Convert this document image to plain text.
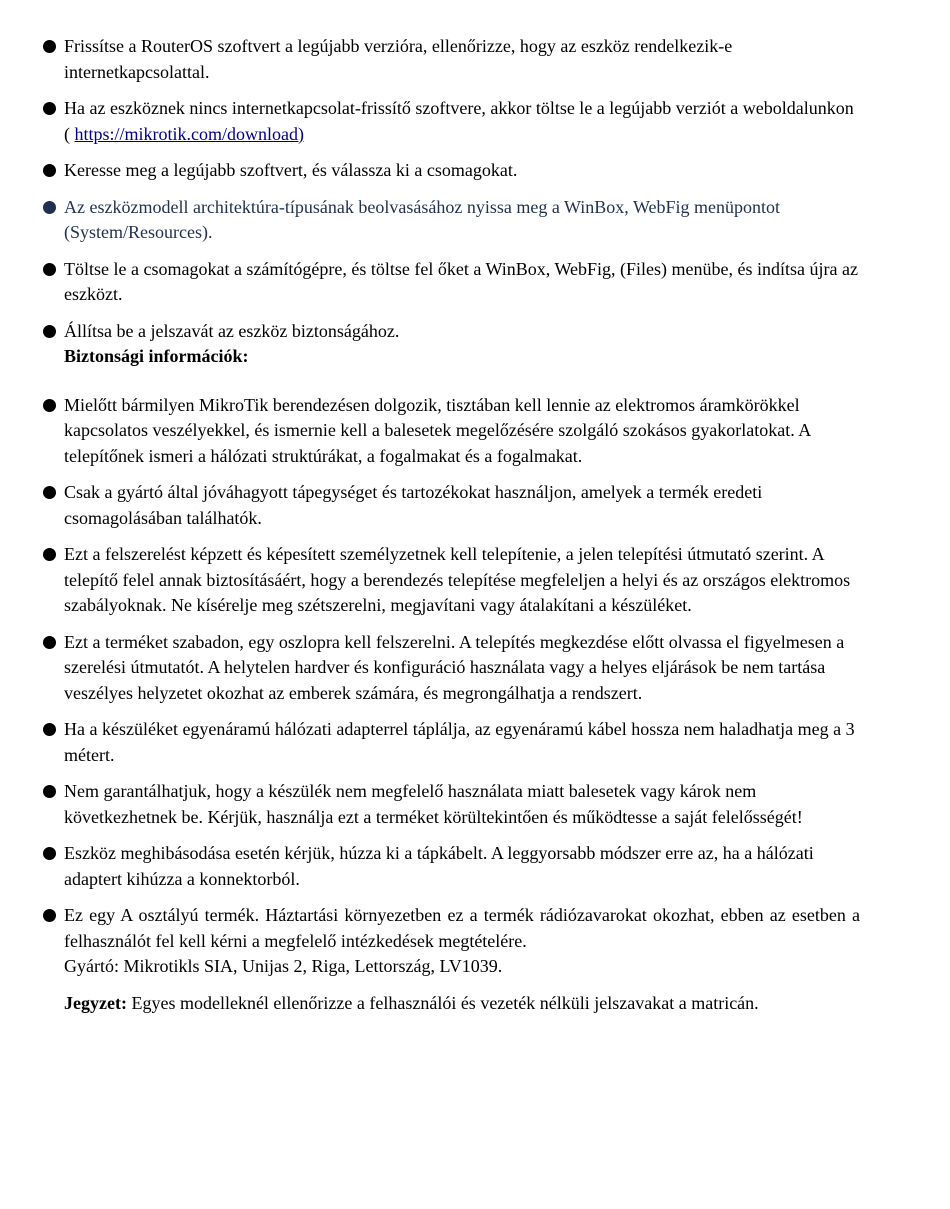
Frissítse a RouterOS szoftvert a legújabb verzióra, ellenőrizze, hogy az eszköz rendelkezik-e internetkapcsolattal.
Ha az eszköznek nincs internetkapcsolat-frissítő szoftvere, akkor töltse le a legújabb verziót a weboldalunkon ( https://mikrotik.com/download)
Keresse meg a legújabb szoftvert, és válassza ki a csomagokat.
Az eszközmodell architektúra-típusának beolvasásához nyissa meg a WinBox, WebFig menüpontot (System/Resources).
Töltse le a csomagokat a számítógépre, és töltse fel őket a WinBox, WebFig, (Files) menübe, és indítsa újra az eszközt.
Állítsa be a jelszavát az eszköz biztonságához.
Biztonsági információk:
Mielőtt bármilyen MikroTik berendezésen dolgozik, tisztában kell lennie az elektromos áramkörökkel kapcsolatos veszélyekkel, és ismernie kell a balesetek megelőzésére szolgáló szokásos gyakorlatokat. A telepítőnek ismeri a hálózati struktúrákat, a fogalmakat és a fogalmakat.
Csak a gyártó által jóváhagyott tápegységet és tartozékokat használjon, amelyek a termék eredeti csomagolásában találhatók.
Ezt a felszerelést képzett és képesített személyzetnek kell telepítenie, a jelen telepítési útmutató szerint. A telepítő felel annak biztosításáért, hogy a berendezés telepítése megfeleljen a helyi és az országos elektromos szabályoknak. Ne kísérelje meg szétszerelni, megjavítani vagy átalakítani a készüléket.
Ezt a terméket szabadon, egy oszlopra kell felszerelni. A telepítés megkezdése előtt olvassa el figyelmesen a szerelési útmutatót. A helytelen hardver és konfiguráció használata vagy a helyes eljárások be nem tartása veszélyes helyzetet okozhat az emberek számára, és megrongálhatja a rendszert.
Ha a készüléket egyenáramú hálózati adapterrel táplálja, az egyenáramú kábel hossza nem haladhatja meg a 3 métert.
Nem garantálhatjuk, hogy a készülék nem megfelelő használata miatt balesetek vagy károk nem következhetnek be. Kérjük, használja ezt a terméket körültekintően és működtesse a saját felelősségét!
Eszköz meghibásodása esetén kérjük, húzza ki a tápkábelt. A leggyorsabb módszer erre az, ha a hálózati adaptert kihúzza a konnektorból.
Ez egy A osztályú termék. Háztartási környezetben ez a termék rádiózavarokat okozhat, ebben az esetben a felhasználót fel kell kérni a megfelelő intézkedések megtételére.
Gyártó: Mikrotikls SIA, Unijas 2, Riga, Lettország, LV1039.

Jegyzet: Egyes modelleknél ellenőrizze a felhasználói és vezeték nélküli jelszavakat a matricán.
